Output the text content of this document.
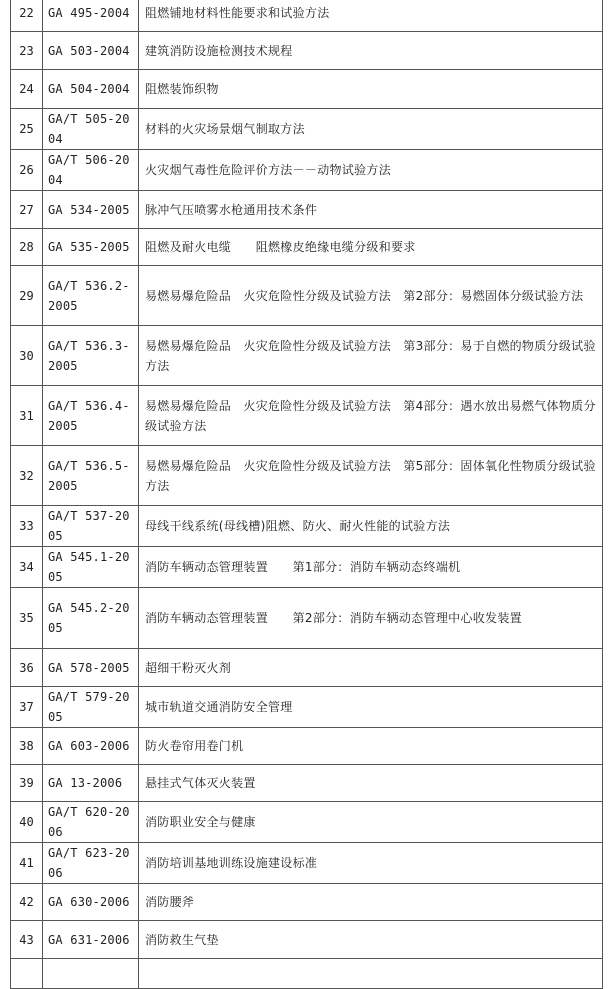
22	GA 495-2004	阻燃铺地材料性能要求和试验方法
23	GA 503-2004	建筑消防设施检测技术规程
24	GA 504-2004	阻燃装饰织物
25	GA/T 505-2004	材料的火灾场景烟气制取方法
26	GA/T 506-2004	火灾烟气毒性危险评价方法－－动物试验方法
27	GA 534-2005	脉冲气压喷雾水枪通用技术条件
28	GA 535-2005	阻燃及耐火电缆　　阻燃橡皮绝缘电缆分级和要求
29	GA/T 536.2-2005	易燃易爆危险品　火灾危险性分级及试验方法　第2部分：易燃固体分级试验方法
30	GA/T 536.3-2005	易燃易爆危险品　火灾危险性分级及试验方法　第3部分：易于自燃的物质分级试验方法
31	GA/T 536.4-2005	易燃易爆危险品　火灾危险性分级及试验方法　第4部分：遇水放出易燃气体物质分级试验方法
32	GA/T 536.5-2005	易燃易爆危险品　火灾危险性分级及试验方法　第5部分：固体氧化性物质分级试验方法
33	GA/T 537-2005	母线干线系统(母线槽)阻燃、防火、耐火性能的试验方法
34	GA 545.1-2005	消防车辆动态管理装置　　第1部分：消防车辆动态终端机
35	GA 545.2-2005	消防车辆动态管理装置　　第2部分：消防车辆动态管理中心收发装置
36	GA 578-2005	超细干粉灭火剂
37	GA/T 579-2005	城市轨道交通消防安全管理
38	GA 603-2006	防火卷帘用卷门机
39	GA 13-2006	悬挂式气体灭火装置
40	GA/T 620-2006	消防职业安全与健康
41	GA/T 623-2006	消防培训基地训练设施建设标准
42	GA 630-2006	消防腰斧
43	GA 631-2006	消防救生气垫
